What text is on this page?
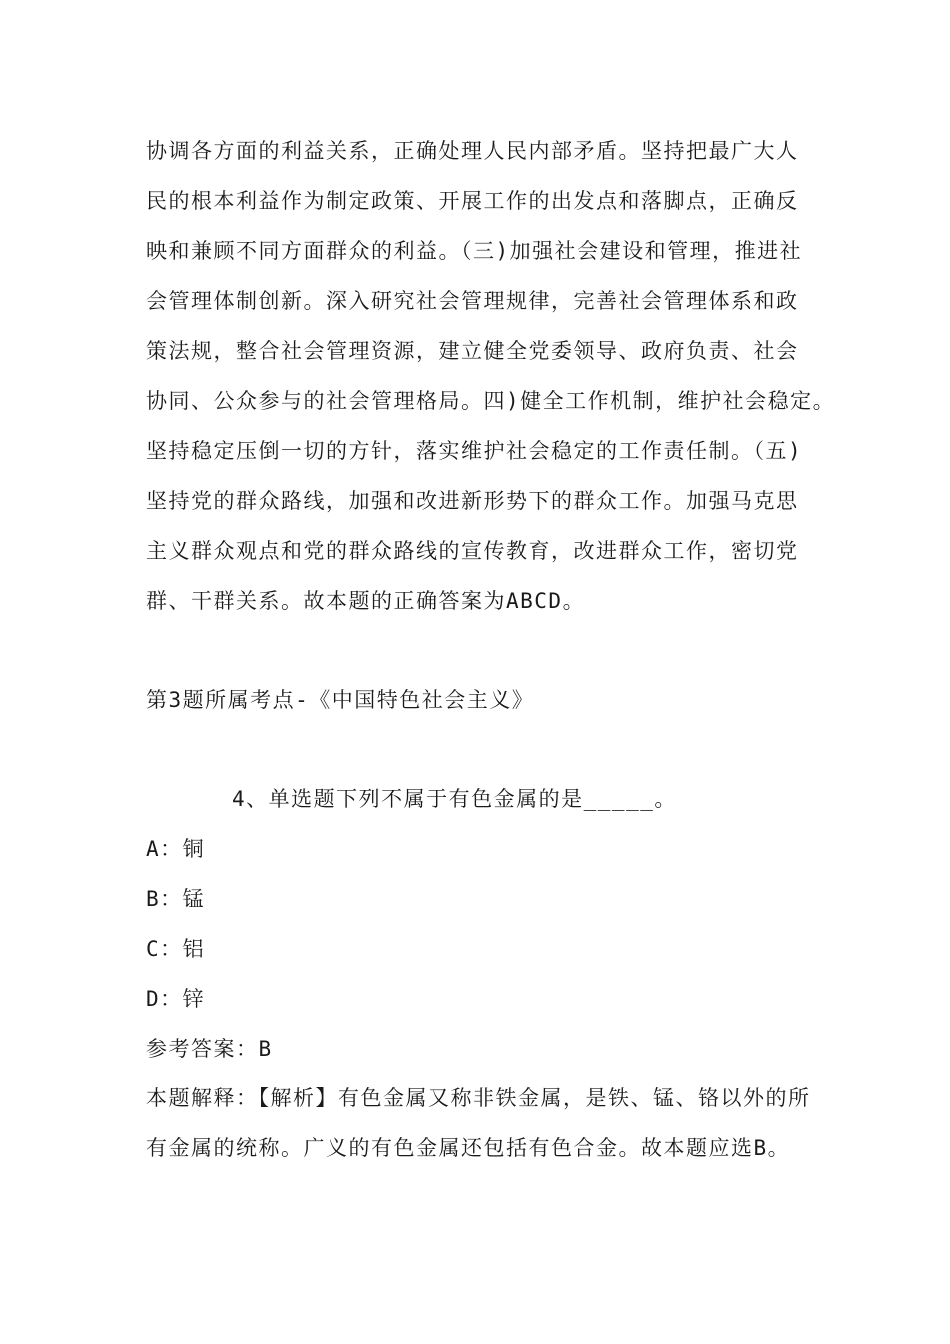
协调各方面的利益关系，正确处理人民内部矛盾。坚持把最广大人
民的根本利益作为制定政策、开展工作的出发点和落脚点，正确反
映和兼顾不同方面群众的利益。（三)加强社会建设和管理，推进社
会管理体制创新。深入研究社会管理规律，完善社会管理体系和政
策法规，整合社会管理资源，建立健全党委领导、政府负责、社会
协同、公众参与的社会管理格局。四)健全工作机制，维护社会稳定。
坚持稳定压倒一切的方针，落实维护社会稳定的工作责任制。（五)
坚持党的群众路线，加强和改进新形势下的群众工作。加强马克思
主义群众观点和党的群众路线的宣传教育，改进群众工作，密切党
群、干群关系。故本题的正确答案为ABCD。
第3题所属考点-《中国特色社会主义》
4、单选题下列不属于有色金属的是_____。
A：铜
B：锰
C：铝
D：锌
参考答案：B
本题解释：【解析】有色金属又称非铁金属，是铁、锰、铬以外的所
有金属的统称。广义的有色金属还包括有色合金。故本题应选B。
